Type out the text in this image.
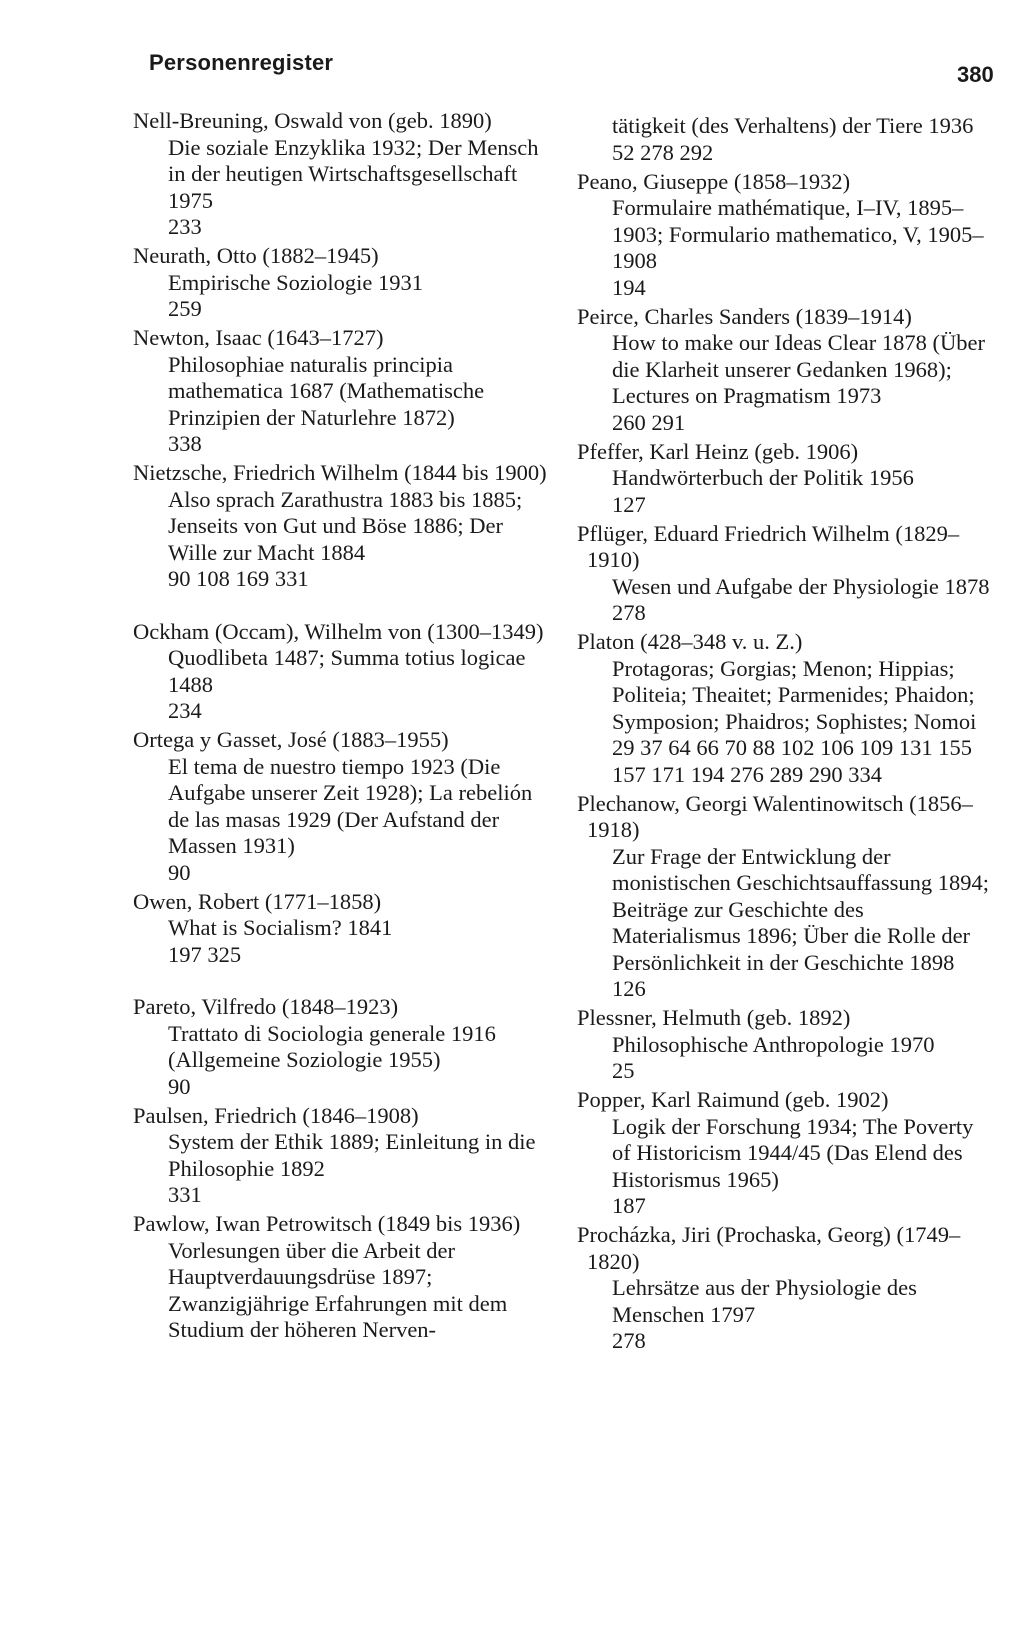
Personenregister	380
Nell-Breuning, Oswald von (geb. 1890)
Die soziale Enzyklika 1932; Der Mensch in der heutigen Wirtschaftsgesellschaft 1975
233
Neurath, Otto (1882–1945)
Empirische Soziologie 1931
259
Newton, Isaac (1643–1727)
Philosophiae naturalis principia mathematica 1687 (Mathematische Prinzipien der Naturlehre 1872)
338
Nietzsche, Friedrich Wilhelm (1844 bis 1900)
Also sprach Zarathustra 1883 bis 1885; Jenseits von Gut und Böse 1886; Der Wille zur Macht 1884
90 108 169 331
Ockham (Occam), Wilhelm von (1300–1349)
Quodlibeta 1487; Summa totius logicae 1488
234
Ortega y Gasset, José (1883–1955)
El tema de nuestro tiempo 1923 (Die Aufgabe unserer Zeit 1928); La rebelión de las masas 1929 (Der Aufstand der Massen 1931)
90
Owen, Robert (1771–1858)
What is Socialism? 1841
197 325
Pareto, Vilfredo (1848–1923)
Trattato di Sociologia generale 1916 (Allgemeine Soziologie 1955)
90
Paulsen, Friedrich (1846–1908)
System der Ethik 1889; Einleitung in die Philosophie 1892
331
Pawlow, Iwan Petrowitsch (1849 bis 1936)
Vorlesungen über die Arbeit der Hauptverdauungsdrüse 1897; Zwanzigjährige Erfahrungen mit dem Studium der höheren Nerven-
tätigkeit (des Verhaltens) der Tiere 1936
52 278 292
Peano, Giuseppe (1858–1932)
Formulaire mathématique, I–IV, 1895–1903; Formulario mathematico, V, 1905–1908
194
Peirce, Charles Sanders (1839–1914)
How to make our Ideas Clear 1878 (Über die Klarheit unserer Gedanken 1968); Lectures on Pragmatism 1973
260 291
Pfeffer, Karl Heinz (geb. 1906)
Handwörterbuch der Politik 1956
127
Pflüger, Eduard Friedrich Wilhelm (1829–1910)
Wesen und Aufgabe der Physiologie 1878
278
Platon (428–348 v. u. Z.)
Protagoras; Gorgias; Menon; Hippias; Politeia; Theaitet; Parmenides; Phaidon; Symposion; Phaidros; Sophistes; Nomoi
29 37 64 66 70 88 102 106 109 131 155 157 171 194 276 289 290 334
Plechanow, Georgi Walentinowitsch (1856–1918)
Zur Frage der Entwicklung der monistischen Geschichtsauffassung 1894; Beiträge zur Geschichte des Materialismus 1896; Über die Rolle der Persönlichkeit in der Geschichte 1898
126
Plessner, Helmuth (geb. 1892)
Philosophische Anthropologie 1970
25
Popper, Karl Raimund (geb. 1902)
Logik der Forschung 1934; The Poverty of Historicism 1944/45 (Das Elend des Historismus 1965)
187
Procházka, Jiri (Prochaska, Georg) (1749–1820)
Lehrsätze aus der Physiologie des Menschen 1797
278
